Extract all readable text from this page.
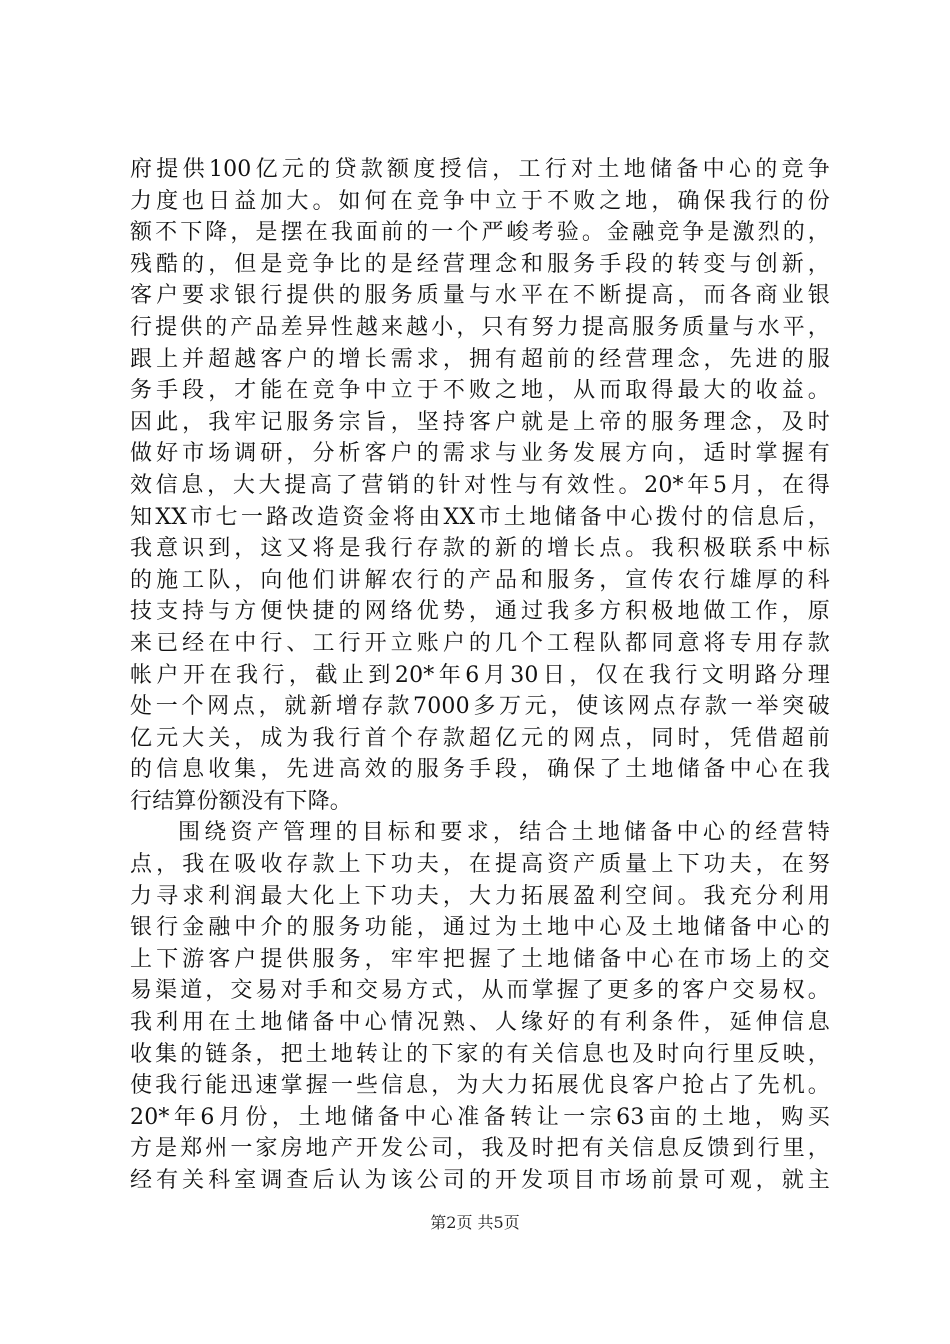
府提供100亿元的贷款额度授信，工行对土地储备中心的竞争
力度也日益加大。如何在竞争中立于不败之地，确保我行的份
额不下降，是摆在我面前的一个严峻考验。金融竞争是激烈的，
残酷的，但是竞争比的是经营理念和服务手段的转变与创新，
客户要求银行提供的服务质量与水平在不断提高，而各商业银
行提供的产品差异性越来越小，只有努力提高服务质量与水平，
跟上并超越客户的增长需求，拥有超前的经营理念，先进的服
务手段，才能在竞争中立于不败之地，从而取得最大的收益。
因此，我牢记服务宗旨，坚持客户就是上帝的服务理念，及时
做好市场调研，分析客户的需求与业务发展方向，适时掌握有
效信息，大大提高了营销的针对性与有效性。20*年5月，在得
知XX市七一路改造资金将由XX市土地储备中心拨付的信息后，
我意识到，这又将是我行存款的新的增长点。我积极联系中标
的施工队，向他们讲解农行的产品和服务，宣传农行雄厚的科
技支持与方便快捷的网络优势，通过我多方积极地做工作，原
来已经在中行、工行开立账户的几个工程队都同意将专用存款
帐户开在我行，截止到20*年6月30日，仅在我行文明路分理
处一个网点，就新增存款7000多万元，使该网点存款一举突破
亿元大关，成为我行首个存款超亿元的网点，同时，凭借超前
的信息收集，先进高效的服务手段，确保了土地储备中心在我
行结算份额没有下降。
围绕资产管理的目标和要求，结合土地储备中心的经营特
点，我在吸收存款上下功夫，在提高资产质量上下功夫，在努
力寻求利润最大化上下功夫，大力拓展盈利空间。我充分利用
银行金融中介的服务功能，通过为土地中心及土地储备中心的
上下游客户提供服务，牢牢把握了土地储备中心在市场上的交
易渠道，交易对手和交易方式，从而掌握了更多的客户交易权。
我利用在土地储备中心情况熟、人缘好的有利条件，延伸信息
收集的链条，把土地转让的下家的有关信息也及时向行里反映，
使我行能迅速掌握一些信息，为大力拓展优良客户抢占了先机。
20*年6月份，土地储备中心准备转让一宗63亩的土地，购买
方是郑州一家房地产开发公司，我及时把有关信息反馈到行里，
经有关科室调查后认为该公司的开发项目市场前景可观，就主
第2页 共5页
